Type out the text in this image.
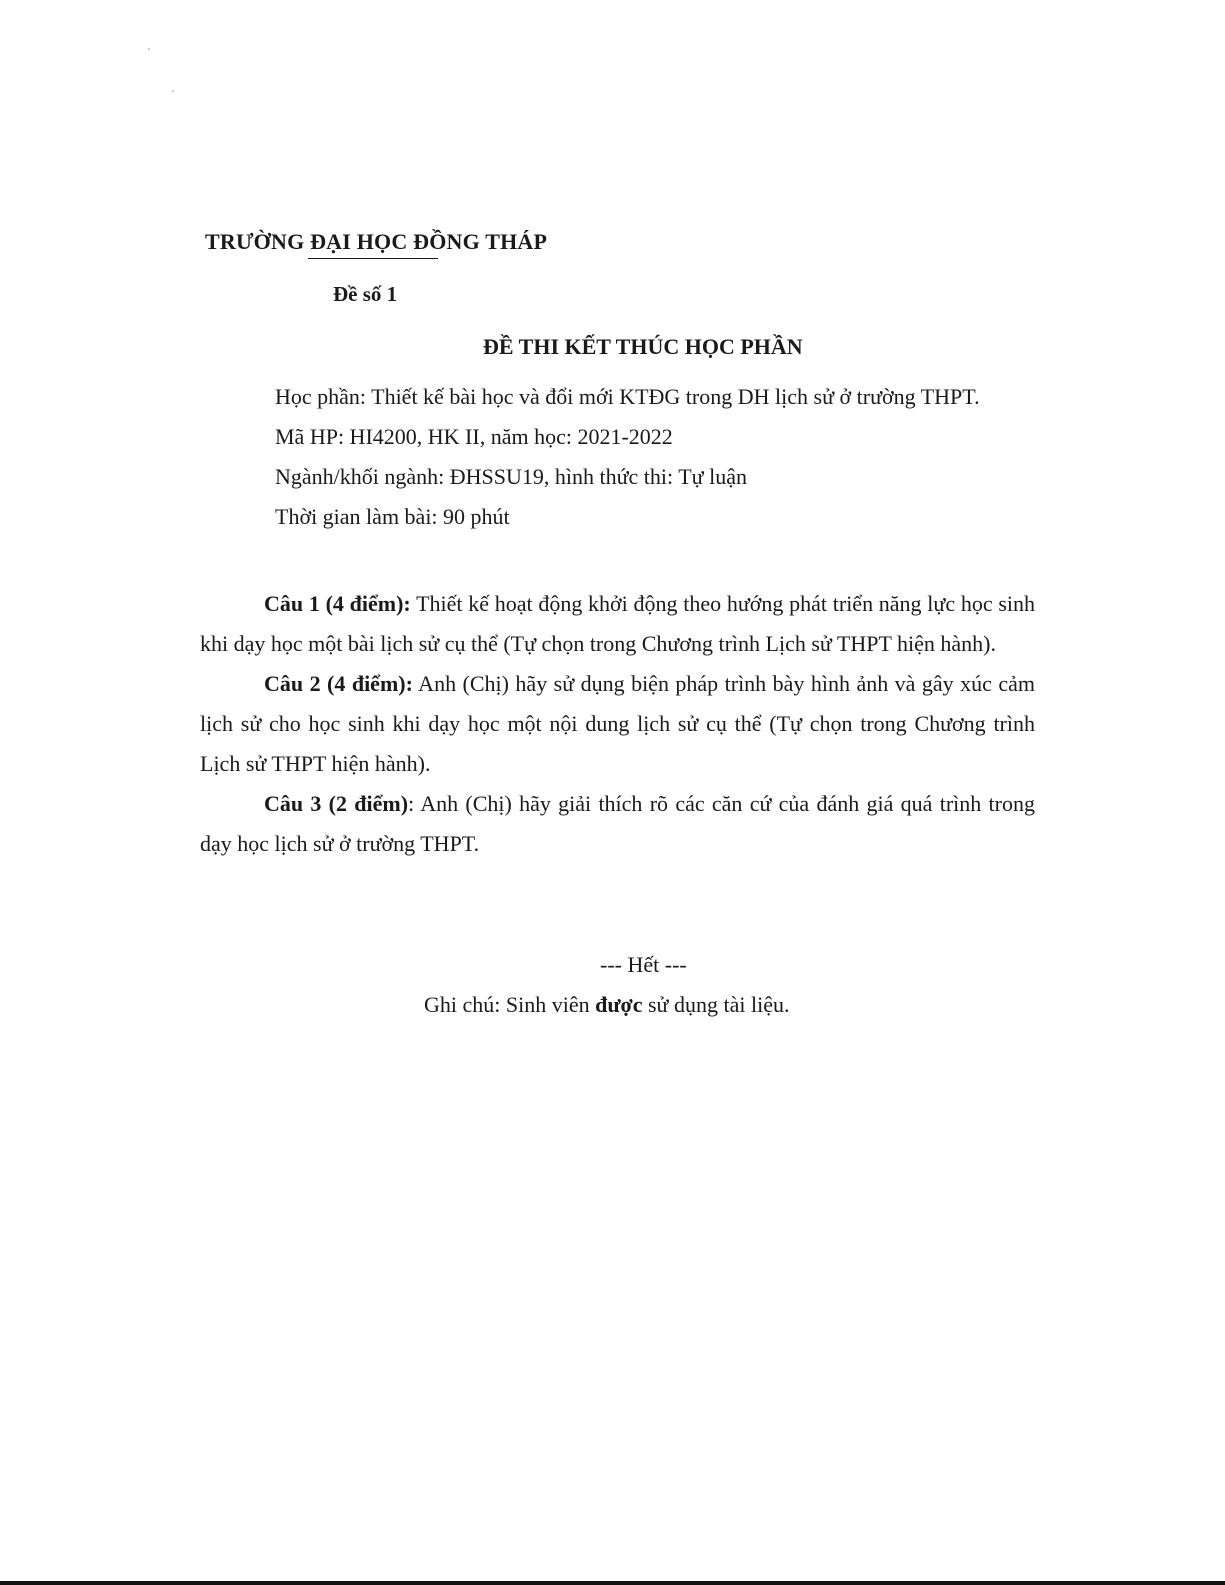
TRƯỜNG ĐẠI HỌC ĐỒNG THÁP
Đề số 1
ĐỀ THI KẾT THÚC HỌC PHẦN
Học phần: Thiết kế bài học và đổi mới KTĐG trong DH lịch sử ở trường THPT.
Mã HP: HI4200, HK II, năm học: 2021-2022
Ngành/khối ngành: ĐHSSU19, hình thức thi: Tự luận
Thời gian làm bài: 90 phút

Câu 1 (4 điểm): Thiết kế hoạt động khởi động theo hướng phát triển năng lực học sinh khi dạy học một bài lịch sử cụ thể (Tự chọn trong Chương trình Lịch sử THPT hiện hành).

Câu 2 (4 điểm): Anh (Chị) hãy sử dụng biện pháp trình bày hình ảnh và gây xúc cảm lịch sử cho học sinh khi dạy học một nội dung lịch sử cụ thể (Tự chọn trong Chương trình Lịch sử THPT hiện hành).

Câu 3 (2 điểm): Anh (Chị) hãy giải thích rõ các căn cứ của đánh giá quá trình trong dạy học lịch sử ở trường THPT.

--- Hết ---
Ghi chú: Sinh viên được sử dụng tài liệu.
